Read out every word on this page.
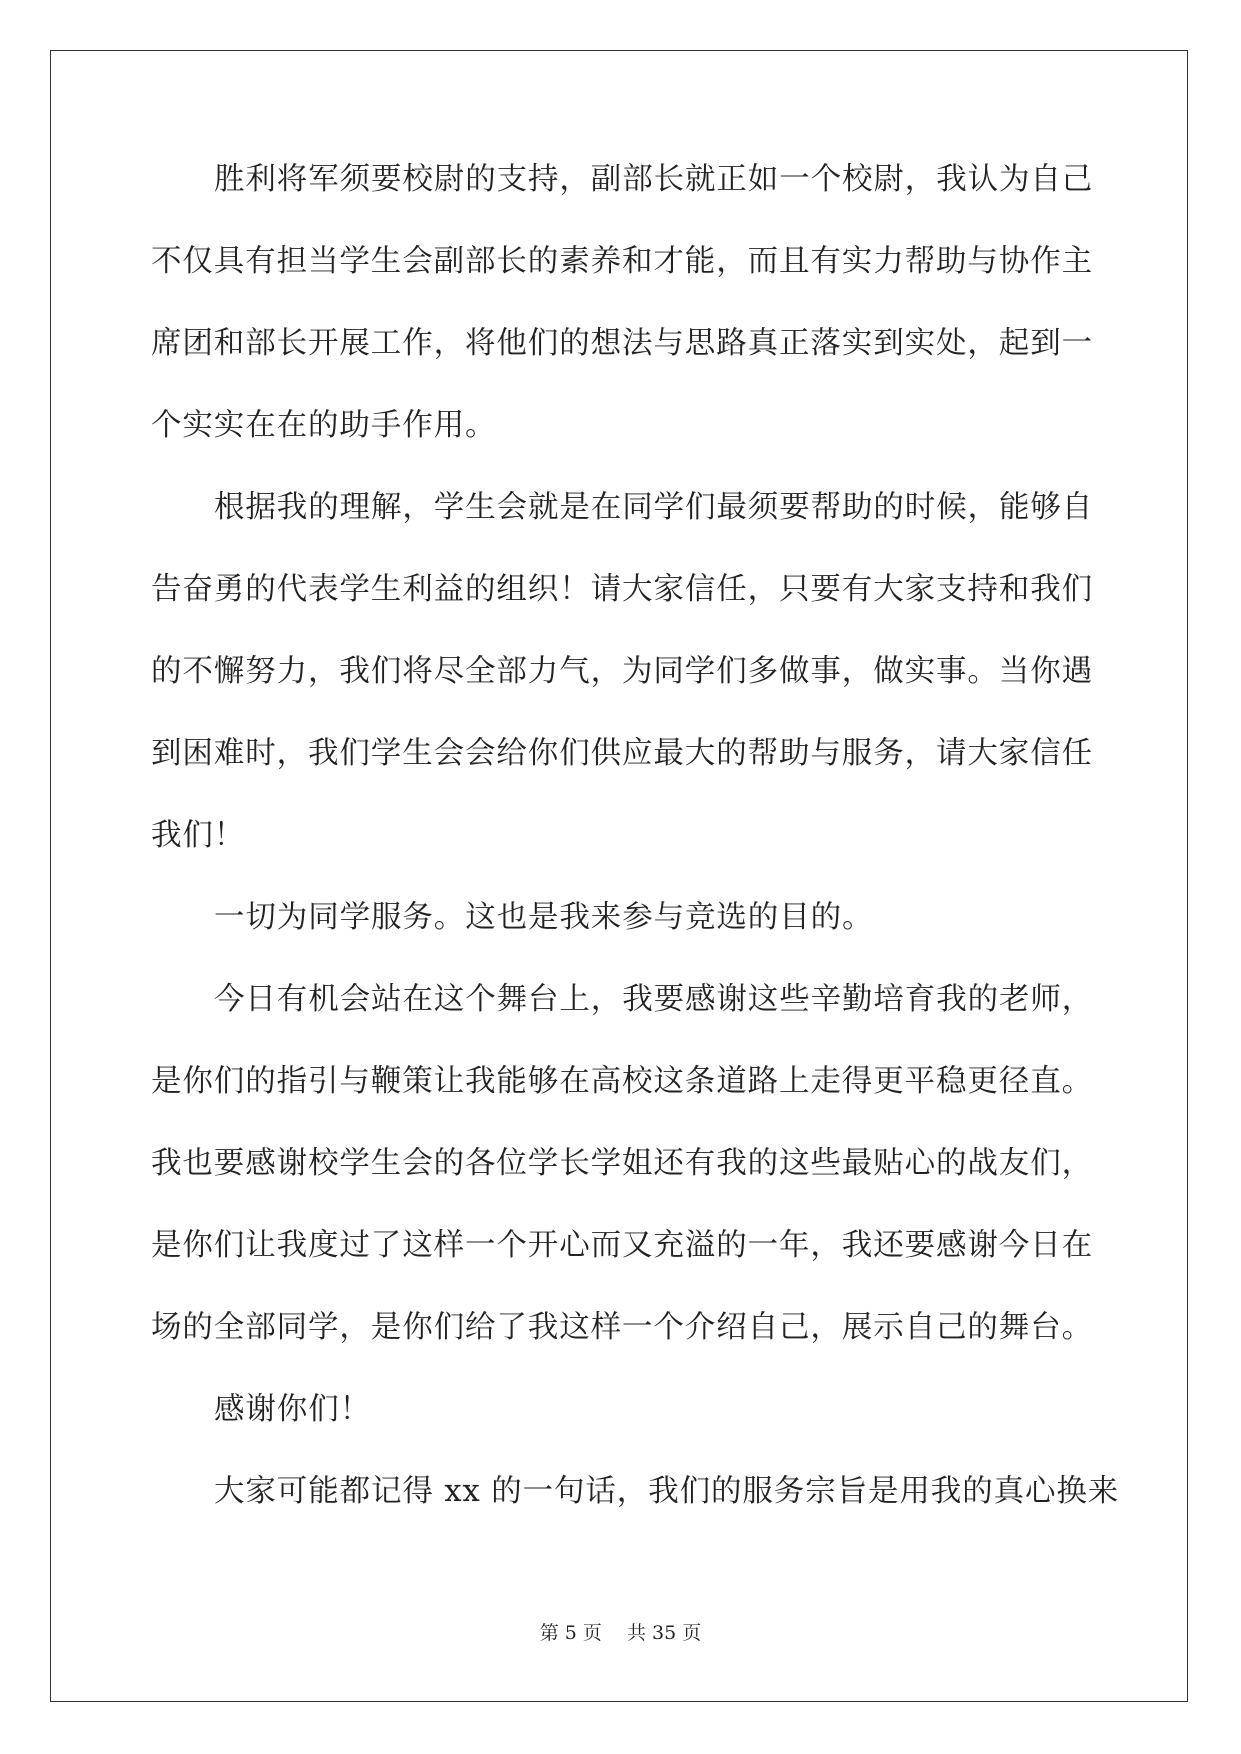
胜利将军须要校尉的支持，副部长就正如一个校尉，我认为自己
不仅具有担当学生会副部长的素养和才能，而且有实力帮助与协作主
席团和部长开展工作，将他们的想法与思路真正落实到实处，起到一
个实实在在的助手作用。
根据我的理解，学生会就是在同学们最须要帮助的时候，能够自
告奋勇的代表学生利益的组织！请大家信任，只要有大家支持和我们
的不懈努力，我们将尽全部力气，为同学们多做事，做实事。当你遇
到困难时，我们学生会会给你们供应最大的帮助与服务，请大家信任
我们！
一切为同学服务。这也是我来参与竞选的目的。
今日有机会站在这个舞台上，我要感谢这些辛勤培育我的老师，
是你们的指引与鞭策让我能够在高校这条道路上走得更平稳更径直。
我也要感谢校学生会的各位学长学姐还有我的这些最贴心的战友们，
是你们让我度过了这样一个开心而又充溢的一年，我还要感谢今日在
场的全部同学，是你们给了我这样一个介绍自己，展示自己的舞台。
感谢你们！
大家可能都记得 xx 的一句话，我们的服务宗旨是用我的真心换来
第 5 页　 共 35 页
